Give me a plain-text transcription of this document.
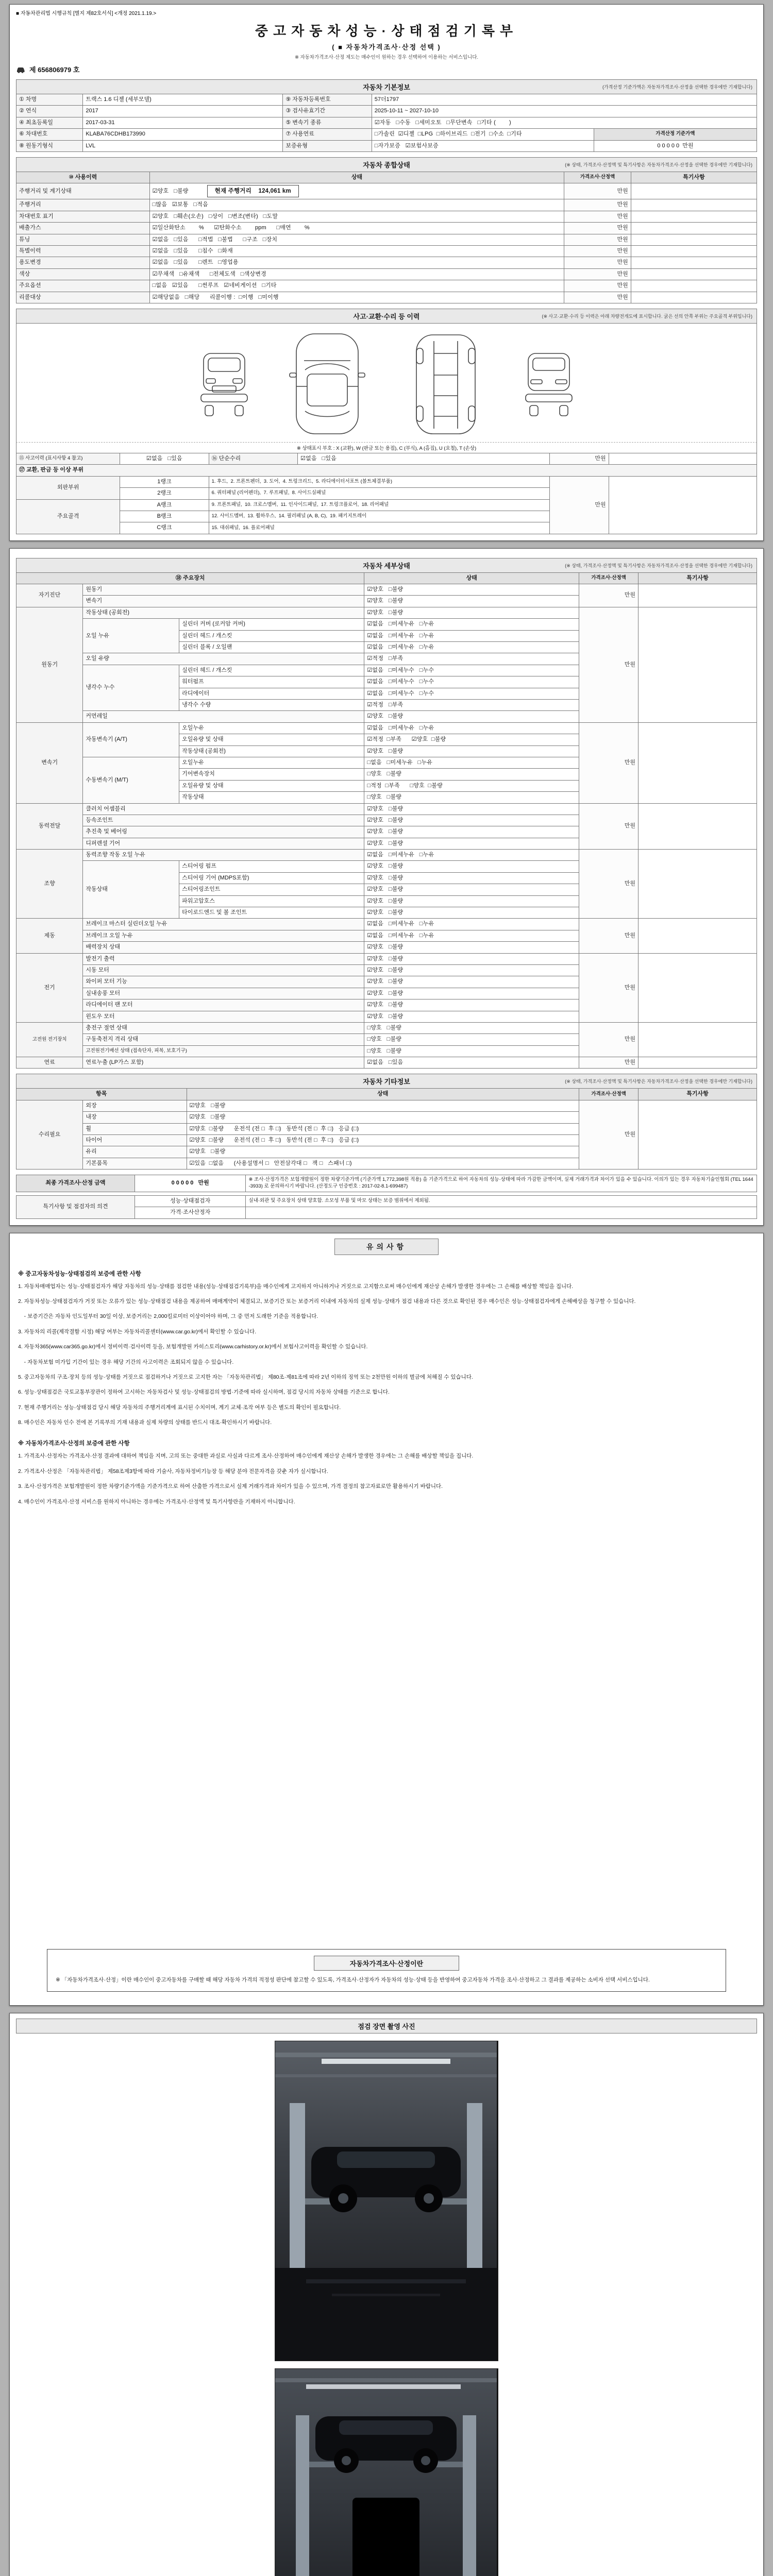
■ 자동차관리법 시행규칙 [별지 제82호서식] <개정 2021.1.19.>
중고자동차성능·상태점검기록부
( ■ 자동차가격조사·산정 선택 )
※ 자동차가격조사·산정 제도는 매수인이 원하는 경우 선택하여 이용하는 서비스입니다.
제 656806979 호
자동차 기본정보	(가격산정 기준가액은 자동차가격조사·산정을 선택한 경우에만 기재합니다)
① 차명	트랙스 1.6 디젤 (세부모델)	⑨ 자동차등록번호	57더1797	
② 연식	2017	③ 검사유효기간	2025-10-11 ~ 2027-10-10	
④ 최초등록일	2017-03-31	⑤ 변속기 종류	☑자동   □수동   □세미오토   □무단변속   □기타 (        )	
⑥ 차대번호	KLABA76CDHB173990	⑦ 사용연료	□가솔린  ☑디젤  □LPG  □하이브리드  □전기  □수소  □기타	가격산정 기준가액
⑧ 원동기형식	LVL	보증유형	□자가보증   ☑보험사보증	0 0 0 0 0  만원
자동차 종합상태	(※ 상태, 가격조사·산정액 및 특기사항은 자동차가격조사·산정을 선택한 경우에만 기재합니다)
⑩ 사용이력	상태	가격조사·산정액	특기사항
주행거리 및 계기상태	☑양호   □불량 현재 주행거리    124,061 km	만원	
주행거리	□많음   ☑보통   □적음	만원	
차대번호 표기	☑양호   □훼손(오손)   □상이   □변조(변타)   □도말	만원	
배출가스	☑일산화탄소        %      ☑탄화수소        ppm      □매연        %	만원	
튜닝	☑없음   □있음      □적법   □불법      □구조   □장치	만원	
특별이력	☑없음   □있음      □침수   □화재	만원	
용도변경	☑없음   □있음      □렌트   □영업용	만원	
색상	☑무채색   □유채색      □전체도색   □색상변경	만원	
주요옵션	□없음   ☑있음      □썬루프   ☑네비게이션   □기타	만원	
리콜대상	☑해당없음   □해당      리콜이행 :  □이행   □미이행	만원	
사고·교환·수리 등 이력	(※ 사고·교환·수리 등 이력은 아래 차량전개도에 표시합니다. 굵은 선의 안쪽 부위는 주요골격 부위입니다)
※ 상태표시 부호 : X (교환), W (판금 또는 용접), C (부식), A (흠집), U (요철), T (손상)
⑮ 사고이력 (표시사항 4 참고)	☑없음   □있음	⑯ 단순수리	☑없음   □있음	만원	
⑰ 교환, 판금 등 이상 부위					
외판부위	1랭크	1. 후드,  2. 프론트펜더,  3. 도어,  4. 트렁크리드,  5. 라디에이터서포트 (볼트체결부품)		만원	
	2랭크	6. 쿼터패널 (리어펜더),  7. 루프패널,  8. 사이드실패널			
주요골격	A랭크	9. 프론트패널,  10. 크로스멤버,  11. 인사이드패널,  17. 트렁크플로어,  18. 리어패널			
	B랭크	12. 사이드멤버,  13. 휠하우스,  14. 필러패널 (A, B, C),  19. 패키지트레이			
	C랭크	15. 대쉬패널,  16. 플로어패널			
자동차 세부상태	(※ 상태, 가격조사·산정액 및 특기사항은 자동차가격조사·산정을 선택한 경우에만 기재합니다)
⑱ 주요장치			상태	가격조사·산정액	특기사항
자기진단	원동기		☑양호   □불량	만원	
	변속기		☑양호   □불량		
원동기	작동상태 (공회전)		☑양호   □불량	만원	
	오일 누유	실린더 커버 (로커암 커버)	☑없음   □미세누유   □누유		
		실린더 헤드 / 개스킷	☑없음   □미세누유   □누유		
		실린더 블록 / 오일팬	☑없음   □미세누유   □누유		
	오일 유량		☑적정   □부족		
	냉각수 누수	실린더 헤드 / 개스킷	☑없음   □미세누수   □누수		
		워터펌프	☑없음   □미세누수   □누수		
		라디에이터	☑없음   □미세누수   □누수		
		냉각수 수량	☑적정   □부족		
	커먼레일		☑양호   □불량		
변속기	자동변속기 (A/T)	오일누유	☑없음   □미세누유   □누유	만원	
		오일유량 및 상태	☑적정  □부족      ☑양호  □불량		
		작동상태 (공회전)	☑양호   □불량		
	수동변속기 (M/T)	오일누유	□없음   □미세누유   □누유		
		기어변속장치	□양호   □불량		
		오일유량 및 상태	□적정  □부족      □양호  □불량		
		작동상태	□양호   □불량		
동력전달	클러치 어셈블리		☑양호   □불량	만원	
	등속조인트		☑양호   □불량		
	추진축 및 베어링		☑양호   □불량		
	디퍼렌셜 기어		☑양호   □불량		
조향	동력조향 작동 오일 누유		☑없음   □미세누유   □누유	만원	
	작동상태	스티어링 펌프	☑양호   □불량		
		스티어링 기어 (MDPS포함)	☑양호   □불량		
		스티어링조인트	☑양호   □불량		
		파워고압호스	☑양호   □불량		
		타이로드엔드 및 볼 조인트	☑양호   □불량		
제동	브레이크 마스터 실린더오일 누유		☑없음   □미세누유   □누유	만원	
	브레이크 오일 누유		☑없음   □미세누유   □누유		
	배력장치 상태		☑양호   □불량		
전기	발전기 출력		☑양호   □불량	만원	
	시동 모터		☑양호   □불량		
	와이퍼 모터 기능		☑양호   □불량		
	실내송풍 모터		☑양호   □불량		
	라디에이터 팬 모터		☑양호   □불량		
	윈도우 모터		☑양호   □불량		
고전원 전기장치	충전구 절연 상태		□양호   □불량	만원	
	구동축전지 격리 상태		□양호   □불량		
	고전원전기배선 상태 (접속단자, 피복, 보호기구)		□양호   □불량		
연료	연료누출 (LP가스 포함)		☑없음   □있음	만원	
자동차 기타정보	(※ 상태, 가격조사·산정액 및 특기사항은 자동차가격조사·산정을 선택한 경우에만 기재합니다)
항목		상태	가격조사·산정액	특기사항
수리필요	외장	☑양호   □불량	만원	
	내장	☑양호   □불량		
	휠	☑양호  □불량      운전석 (전 □  후 □)   동반석 (전 □  후 □)   응급 (□)		
	타이어	☑양호  □불량      운전석 (전 □  후 □)   동반석 (전 □  후 □)   응급 (□)		
	유리	☑양호   □불량		
	기본품목	☑있음  □없음      (사용설명서 □   안전삼각대 □   잭 □   스패너 □)		
최종 가격조사·산정 금액	0 0 0 0 0   만원	※ 조사·산정가격은 보험개발원이 정한 차량기준가액 (기준가액 1,772,398원 적용) 을 기준가격으로 하여 자동차의 성능·상태에 따라 가감한 금액이며, 실제 거래가격과 차이가 있을 수 있습니다. 이의가 있는 경우 자동차기술인협회 (TEL 1644-3933) 로 문의하시기 바랍니다. (산정도구 인증번호 : 2017-02-8.1-699487)
특기사항 및 점검자의 의견	성능·상태점검자	실내·외관 및 주요장치 상태 양호함. 소모성 부품 및 마모 상태는 보증 범위에서 제외됨.
	가격·조사산정자	
유의사항
※ 중고자동차성능·상태점검의 보증에 관한 사항
1. 자동차매매업자는 성능·상태점검자가 해당 자동차의 성능·상태를 점검한 내용(성능·상태점검기록부)을 매수인에게 고지하지 아니하거나 거짓으로 고지함으로써 매수인에게 재산상 손해가 발생한 경우에는 그 손해를 배상할 책임을 집니다.
2. 자동차성능·상태점검자가 거짓 또는 오류가 있는 성능·상태점검 내용을 제공하여 매매계약이 체결되고, 보증기간 또는 보증거리 이내에 자동차의 실제 성능·상태가 점검 내용과 다른 것으로 확인된 경우 매수인은 성능·상태점검자에게 손해배상을 청구할 수 있습니다.
- 보증기간은 자동차 인도일부터 30일 이상, 보증거리는 2,000킬로미터 이상이어야 하며, 그 중 먼저 도래한 기준을 적용합니다.
3. 자동차의 리콜(제작결함 시정) 해당 여부는 자동차리콜센터(www.car.go.kr)에서 확인할 수 있습니다.
4. 자동차365(www.car365.go.kr)에서 정비이력·검사이력 등을, 보험개발원 카히스토리(www.carhistory.or.kr)에서 보험사고이력을 확인할 수 있습니다.
- 자동차보험 미가입 기간이 있는 경우 해당 기간의 사고이력은 조회되지 않을 수 있습니다.
5. 중고자동차의 구조·장치 등의 성능·상태를 거짓으로 점검하거나 거짓으로 고지한 자는 「자동차관리법」 제80조·제81조에 따라 2년 이하의 징역 또는 2천만원 이하의 벌금에 처해질 수 있습니다.
6. 성능·상태점검은 국토교통부장관이 정하여 고시하는 자동차검사 및 성능·상태점검의 방법·기준에 따라 실시하며, 점검 당시의 자동차 상태를 기준으로 합니다.
7. 현재 주행거리는 성능·상태점검 당시 해당 자동차의 주행거리계에 표시된 수치이며, 계기 교체·조작 여부 등은 별도의 확인이 필요합니다.
8. 매수인은 자동차 인수 전에 본 기록부의 기재 내용과 실제 차량의 상태를 반드시 대조·확인하시기 바랍니다.
※ 자동차가격조사·산정의 보증에 관한 사항
1. 가격조사·산정자는 가격조사·산정 결과에 대하여 책임을 지며, 고의 또는 중대한 과실로 사실과 다르게 조사·산정하여 매수인에게 재산상 손해가 발생한 경우에는 그 손해를 배상할 책임을 집니다.
2. 가격조사·산정은 「자동차관리법」 제58조제3항에 따라 기술사, 자동차정비기능장 등 해당 분야 전문자격을 갖춘 자가 실시합니다.
3. 조사·산정가격은 보험개발원이 정한 차량기준가액을 기준가격으로 하여 산출한 가격으로서 실제 거래가격과 차이가 있을 수 있으며, 가격 결정의 참고자료로만 활용하시기 바랍니다.
4. 매수인이 가격조사·산정 서비스를 원하지 아니하는 경우에는 가격조사·산정액 및 특기사항란을 기재하지 아니합니다.
자동차가격조사·산정이란
※ 「자동차가격조사·산정」이란 매수인이 중고자동차를 구매할 때 해당 자동차 가격의 적정성 판단에 참고할 수 있도록, 가격조사·산정자가 자동차의 성능·상태 등을 반영하여 중고자동차 가격을 조사·산정하고 그 결과를 제공하는 소비자 선택 서비스입니다.
점검 장면 촬영 사진
